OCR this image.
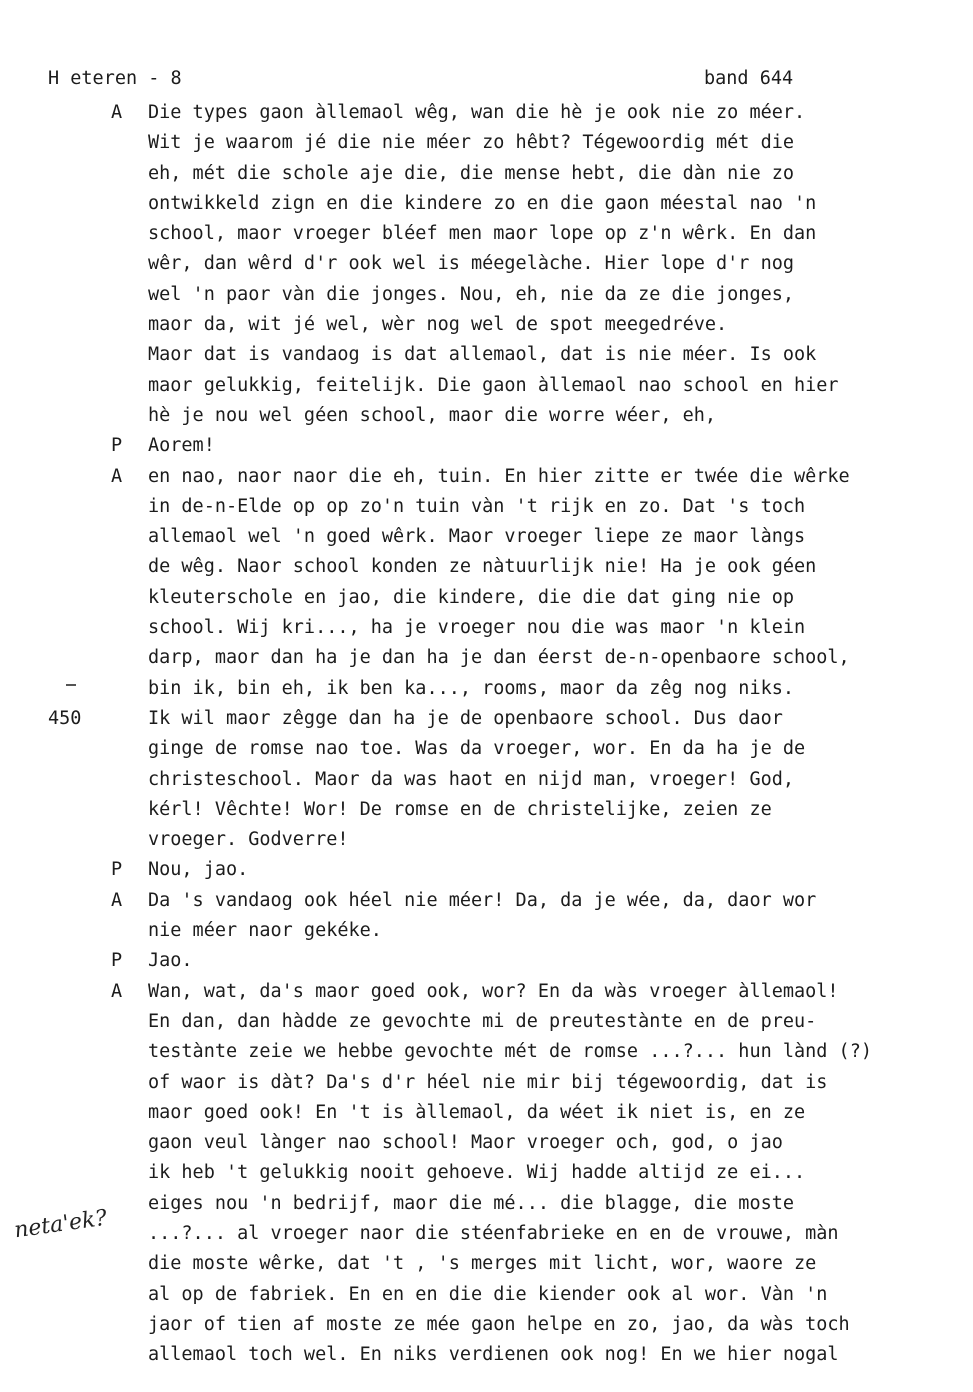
H eteren - 8	band 644
A Die types gaon àllemaol wêg, wan die hè je ook nie zo méer.
Wit je waarom jé die nie méer zo hêbt? Tégewoordig mét die
eh, mét die schole aje die, die mense hebt, die dàn nie zo
ontwikkeld zign en die kindere zo en die gaon méestal nao 'n
school, maor vroeger bléef men maor lope op z'n wêrk. En dan
wêr, dan wêrd d'r ook wel is méegelàche. Hier lope d'r nog
wel 'n paor vàn die jonges. Nou, eh, nie da ze die jonges,
maor da, wit jé wel, wèr nog wel de spot meegedréve.
Maor dat is vandaog is dat allemaol, dat is nie méer. Is ook
maor gelukkig, feitelijk. Die gaon àllemaol nao school en hier
hè je nou wel géen school, maor die worre wéer, eh,
P Aorem!
A en nao, naor naor die eh, tuin. En hier zitte er twée die wêrke
in de-n-Elde op op zo'n tuin vàn 't rijk en zo. Dat 's toch
allemaol wel 'n goed wêrk. Maor vroeger liepe ze maor làngs
de wêg. Naor school konden ze nàtuurlijk nie! Ha je ook géen
kleuterschole en jao, die kindere, die die dat ging nie op
school. Wij kri..., ha je vroeger nou die was maor 'n klein
darp, maor dan ha je dan ha je dan éerst de-n-openbaore school,
bin ik, bin eh, ik ben ka..., rooms, maor da zêg nog niks.
450	Ik wil maor zêgge dan ha je de openbaore school. Dus daor
ginge de romse nao toe. Was da vroeger, wor. En da ha je de
christeschool. Maor da was haot en nijd man, vroeger! God,
kérl! Vêchte! Wor! De romse en de christelijke, zeien ze
vroeger. Godverre!
P Nou, jao.
A Da 's vandaog ook héel nie méer! Da, da je wée, da, daor wor
nie méer naor gekéke.
P Jao.
A Wan, wat, da's maor goed ook, wor? En da wàs vroeger àllemaol!
En dan, dan hàdde ze gevochte mi de preutestànte en de preu-
testànte zeie we hebbe gevochte mét de romse ...?... hun lànd (?)
of waor is dàt? Da's d'r héel nie mir bij tégewoordig, dat is
maor goed ook! En 't is àllemaol, da wéet ik niet is, en ze
gaon veul lànger nao school! Maor vroeger och, god, o jao
ik heb 't gelukkig nooit gehoeve. Wij hadde altijd ze ei...
eiges nou 'n bedrijf, maor die mé... die blagge, die moste
...?... al vroeger naor die stéenfabrieke en en de vrouwe, màn
die moste wêrke, dat 't , 's merges mit licht, wor, waore ze
al op de fabriek. En en en die die kiender ook al wor. Vàn 'n
jaor of tien af moste ze mée gaon helpe en zo, jao, da wàs toch
allemaol toch wel. En niks verdienen ook nog! En we hier nogal
neta'ek?
